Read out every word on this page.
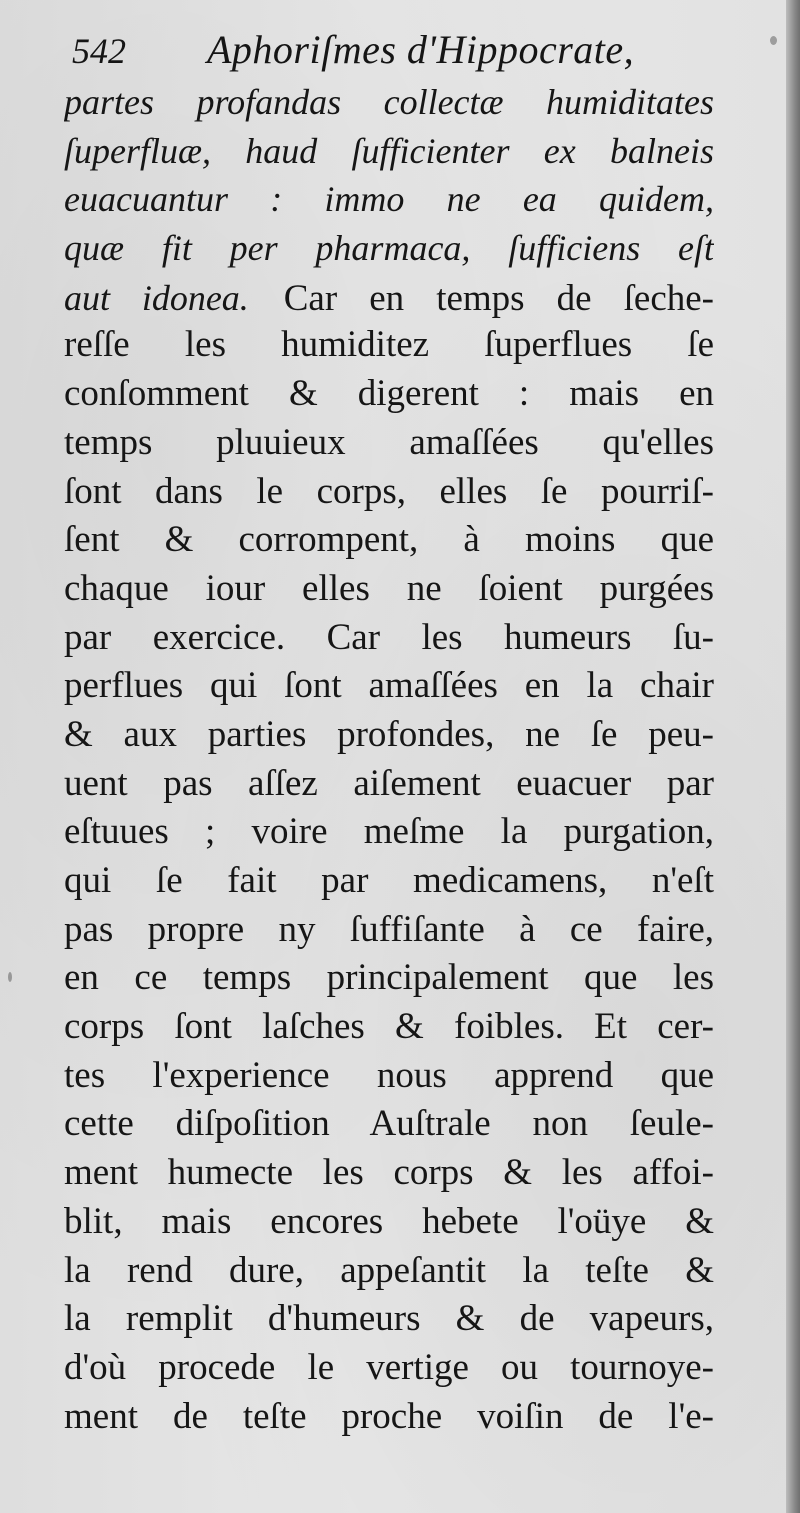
542 Aphoriſmes d'Hippocrate,
partes profandas collectæ humiditates
ſuperfluæ, haud ſufficienter ex balneis
euacuantur : immo ne ea quidem,
quæ fit per pharmaca, ſufficiens eſt
aut idonea. Car en temps de ſeche-
reſſe les humiditez ſuperflues ſe
conſomment & digerent : mais en
temps pluuieux amaſſées qu'elles
ſont dans le corps, elles ſe pourriſ-
ſent & corrompent, à moins que
chaque iour elles ne ſoient purgées
par exercice. Car les humeurs ſu-
perflues qui ſont amaſſées en la chair
& aux parties profondes, ne ſe peu-
uent pas aſſez aiſement euacuer par
eſtuues ; voire meſme la purgation,
qui ſe fait par medicamens, n'eſt
pas propre ny ſuffiſante à ce faire,
en ce temps principalement que les
corps ſont laſches & foibles. Et cer-
tes l'experience nous apprend que
cette diſpoſition Auſtrale non ſeule-
ment humecte les corps & les affoi-
blit, mais encores hebete l'oüye &
la rend dure, appeſantit la teſte &
la remplit d'humeurs & de vapeurs,
d'où procede le vertige ou tournoye-
ment de teſte proche voiſin de l'e-
